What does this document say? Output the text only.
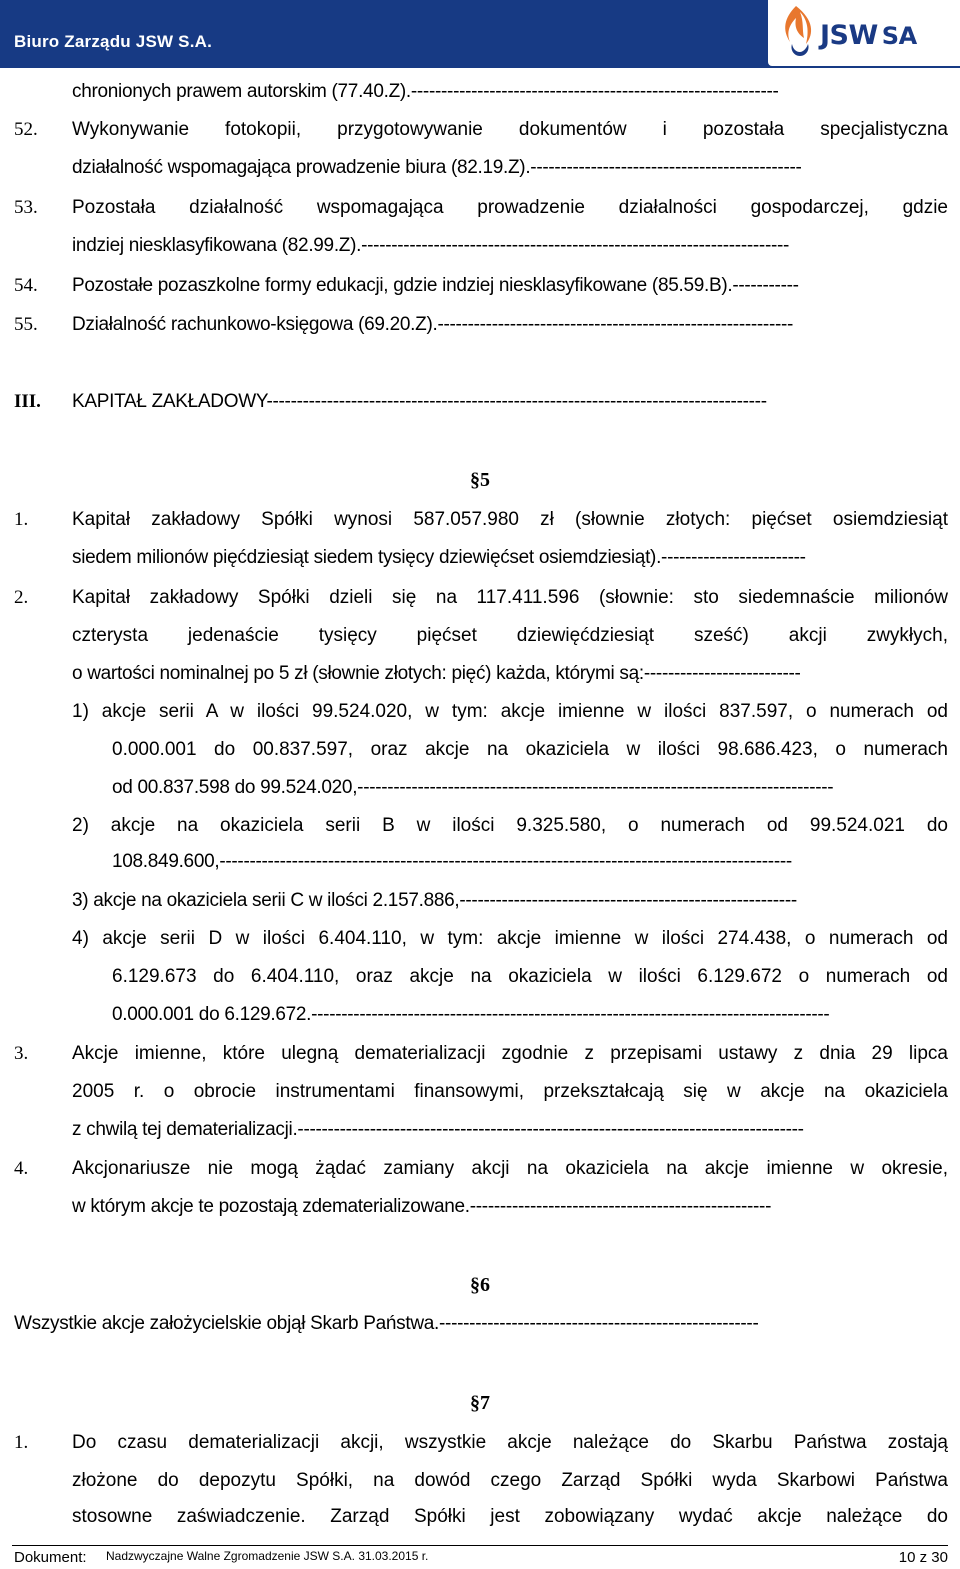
Biuro Zarządu JSW S.A.	JSW SA
chronionych prawem autorskim (77.40.Z).-------------------------------------------------------------
52. Wykonywanie fotokopii, przygotowywanie dokumentów i pozostała specjalistyczna
działalność wspomagająca prowadzenie biura (82.19.Z).---------------------------------------------
53. Pozostała działalność wspomagająca prowadzenie działalności gospodarczej, gdzie
indziej niesklasyfikowana (82.99.Z).-----------------------------------------------------------------------
54. Pozostałe pozaszkolne formy edukacji, gdzie indziej niesklasyfikowane (85.59.B).-----------
55. Działalność rachunkowo-księgowa (69.20.Z).-----------------------------------------------------------
III. KAPITAŁ ZAKŁADOWY-----------------------------------------------------------------------------------
§5
1. Kapitał zakładowy Spółki wynosi 587.057.980 zł (słownie złotych: pięćset osiemdziesiąt
siedem milionów pięćdziesiąt siedem tysięcy dziewięćset osiemdziesiąt).------------------------
2. Kapitał zakładowy Spółki dzieli się na 117.411.596 (słownie: sto siedemnaście milionów
czterysta jedenaście tysięcy pięćset dziewięćdziesiąt sześć) akcji zwykłych,
o wartości nominalnej po 5 zł (słownie złotych: pięć) każda, którymi są:--------------------------
1) akcje serii A w ilości 99.524.020, w tym: akcje imienne w ilości 837.597, o numerach od
0.000.001 do 00.837.597, oraz akcje na okaziciela w ilości 98.686.423, o numerach
od 00.837.598 do 99.524.020,-------------------------------------------------------------------------------
2) akcje na okaziciela serii B w ilości 9.325.580, o numerach od 99.524.021 do
108.849.600,-----------------------------------------------------------------------------------------------
3) akcje na okaziciela serii C w ilości 2.157.886,--------------------------------------------------------
4) akcje serii D w ilości 6.404.110, w tym: akcje imienne w ilości 274.438, o numerach od
6.129.673 do 6.404.110, oraz akcje na okaziciela w ilości 6.129.672 o numerach od
0.000.001 do 6.129.672.--------------------------------------------------------------------------------------
3. Akcje imienne, które ulegną dematerializacji zgodnie z przepisami ustawy z dnia 29 lipca
2005 r. o obrocie instrumentami finansowymi, przekształcają się w akcje na okaziciela
z chwilą tej dematerializacji.------------------------------------------------------------------------------------
4. Akcjonariusze nie mogą żądać zamiany akcji na okaziciela na akcje imienne w okresie,
w którym akcje te pozostają zdematerializowane.--------------------------------------------------
§6
Wszystkie akcje założycielskie objął Skarb Państwa.-----------------------------------------------------
§7
1. Do czasu dematerializacji akcji, wszystkie akcje należące do Skarbu Państwa zostają
złożone do depozytu Spółki, na dowód czego Zarząd Spółki wyda Skarbowi Państwa
stosowne zaświadczenie. Zarząd Spółki jest zobowiązany wydać akcje należące do
Dokument: Nadzwyczajne Walne Zgromadzenie JSW S.A. 31.03.2015 r.	10 z 30
